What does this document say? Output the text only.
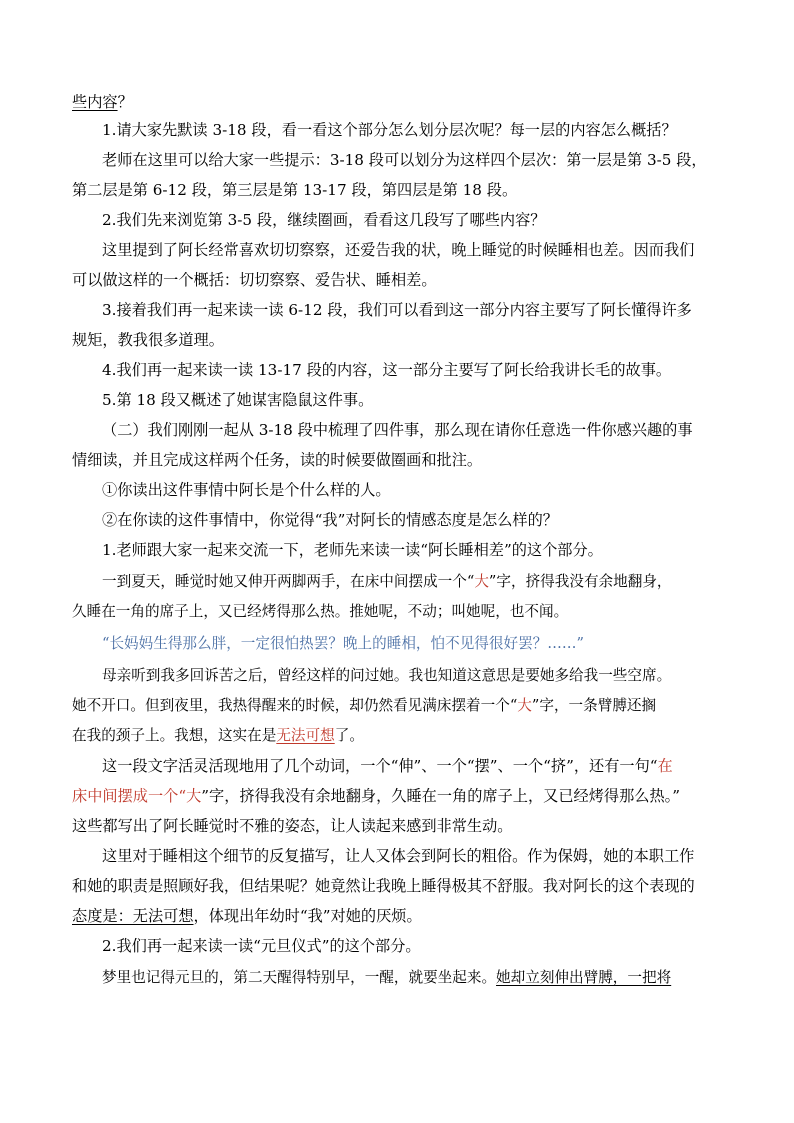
些内容？
1.请大家先默读 3-18 段，看一看这个部分怎么划分层次呢？每一层的内容怎么概括？
老师在这里可以给大家一些提示：3-18 段可以划分为这样四个层次：第一层是第 3-5 段，
第二层是第 6-12 段，第三层是第 13-17 段，第四层是第 18 段。
2.我们先来浏览第 3-5 段，继续圈画，看看这几段写了哪些内容？
这里提到了阿长经常喜欢切切察察，还爱告我的状，晚上睡觉的时候睡相也差。因而我们
可以做这样的一个概括：切切察察、爱告状、睡相差。
3.接着我们再一起来读一读 6-12 段，我们可以看到这一部分内容主要写了阿长懂得许多
规矩，教我很多道理。
4.我们再一起来读一读 13-17 段的内容，这一部分主要写了阿长给我讲长毛的故事。
5.第 18 段又概述了她谋害隐鼠这件事。
（二）我们刚刚一起从 3-18 段中梳理了四件事，那么现在请你任意选一件你感兴趣的事
情细读，并且完成这样两个任务，读的时候要做圈画和批注。
①你读出这件事情中阿长是个什么样的人。
②在你读的这件事情中，你觉得“我”对阿长的情感态度是怎么样的？
1.老师跟大家一起来交流一下，老师先来读一读“阿长睡相差”的这个部分。
一到夏天，睡觉时她又伸开两脚两手，在床中间摆成一个“大”字，挤得我没有余地翻身，
久睡在一角的席子上，又已经烤得那么热。推她呢，不动；叫她呢，也不闻。
“长妈妈生得那么胖，一定很怕热罢？晚上的睡相，怕不见得很好罢？……”
母亲听到我多回诉苦之后，曾经这样的问过她。我也知道这意思是要她多给我一些空席。
她不开口。但到夜里，我热得醒来的时候，却仍然看见满床摆着一个“大”字，一条臂膊还搁
在我的颈子上。我想，这实在是无法可想了。
这一段文字活灵活现地用了几个动词，一个“伸”、一个“摆”、一个“挤”，还有一句“在
床中间摆成一个“大”字，挤得我没有余地翻身，久睡在一角的席子上，又已经烤得那么热。”
这些都写出了阿长睡觉时不雅的姿态，让人读起来感到非常生动。
这里对于睡相这个细节的反复描写，让人又体会到阿长的粗俗。作为保姆，她的本职工作
和她的职责是照顾好我，但结果呢？她竟然让我晚上睡得极其不舒服。我对阿长的这个表现的
态度是：无法可想，体现出年幼时“我”对她的厌烦。
2.我们再一起来读一读“元旦仪式”的这个部分。
梦里也记得元旦的，第二天醒得特别早，一醒，就要坐起来。她却立刻伸出臂膊，一把将
